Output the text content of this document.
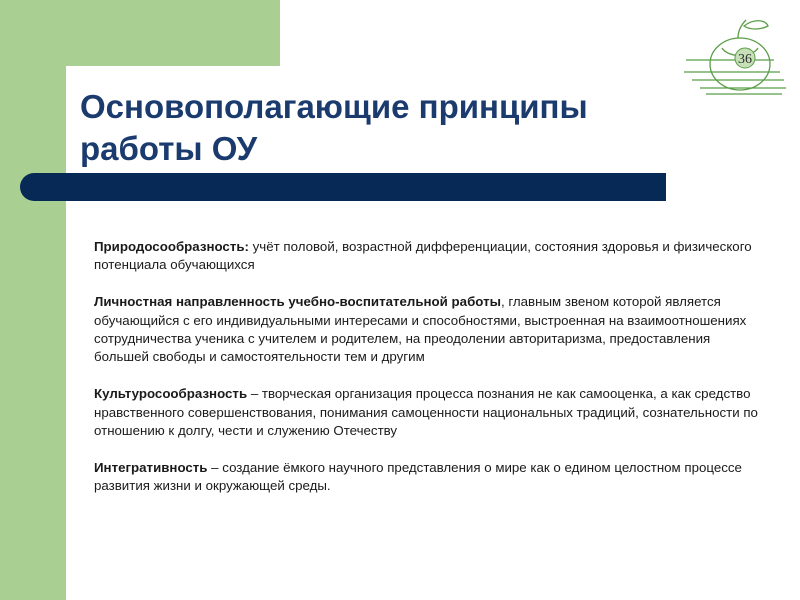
36
Основополагающие принципы
работы ОУ

Природосообразность: учёт половой, возрастной дифференциации, состояния здоровья и физического потенциала обучающихся

Личностная направленность учебно-воспитательной работы, главным звеном которой является обучающийся с его индивидуальными интересами и способностями, выстроенная на взаимоотношениях сотрудничества ученика с учителем и родителем, на преодолении авторитаризма, предоставления большей свободы и самостоятельности тем и другим

Культуросообразность – творческая организация процесса познания не как самооценка, а как средство нравственного совершенствования, понимания самоценности национальных традиций, сознательности по отношению к долгу, чести и служению Отечеству

Интегративность – создание ёмкого научного представления о мире как о едином целостном процессе развития жизни и окружающей среды.
